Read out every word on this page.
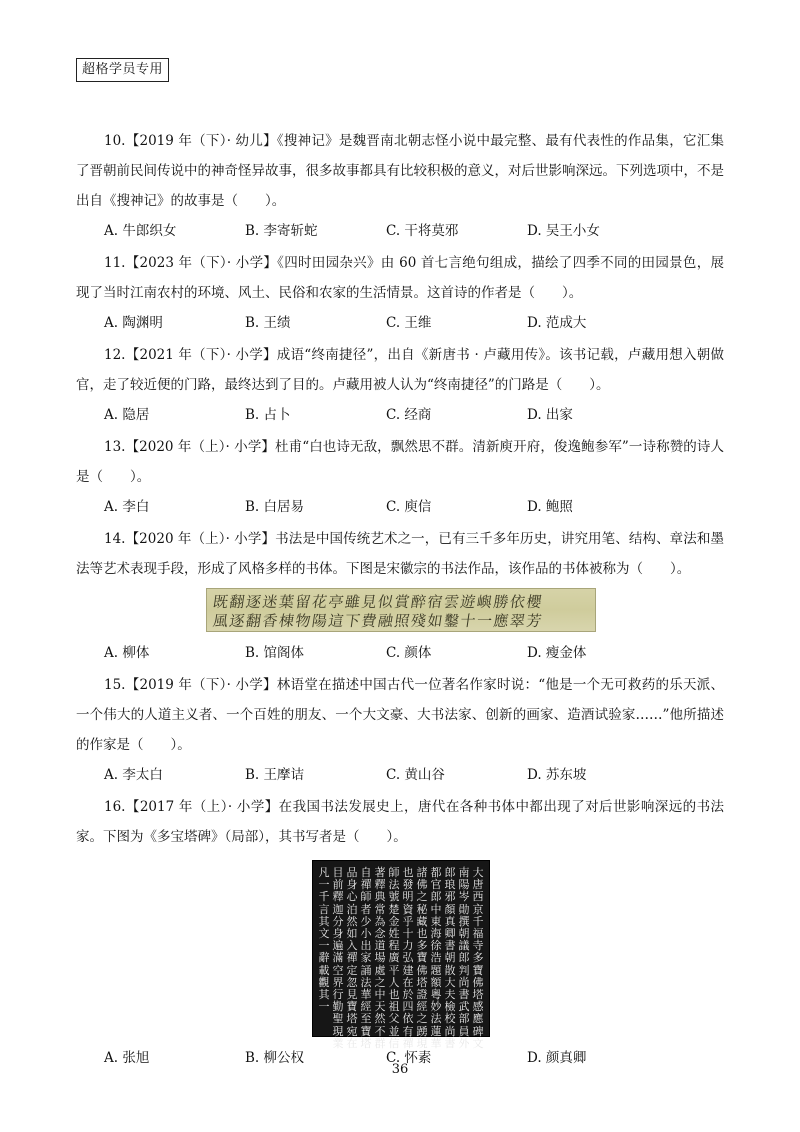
超格学员专用

10.【2019 年（下）· 幼儿】《搜神记》是魏晋南北朝志怪小说中最完整、最有代表性的作品集，它汇集了晋朝前民间传说中的神奇怪异故事，很多故事都具有比较积极的意义，对后世影响深远。下列选项中，不是出自《搜神记》的故事是（　　）。

A. 牛郎织女	B. 李寄斩蛇	C. 干将莫邪	D. 吴王小女

11.【2023 年（下）· 小学】《四时田园杂兴》由 60 首七言绝句组成，描绘了四季不同的田园景色，展现了当时江南农村的环境、风土、民俗和农家的生活情景。这首诗的作者是（　　）。

A. 陶渊明	B. 王绩	C. 王维	D. 范成大

12.【2021 年（下）· 小学】成语“终南捷径”，出自《新唐书 · 卢藏用传》。该书记载，卢藏用想入朝做官，走了较近便的门路，最终达到了目的。卢藏用被人认为“终南捷径”的门路是（　　）。

A. 隐居	B. 占卜	C. 经商	D. 出家

13.【2020 年（上）· 小学】杜甫“白也诗无敌，飘然思不群。清新庾开府，俊逸鲍参军”一诗称赞的诗人是（　　）。

A. 李白	B. 白居易	C. 庾信	D. 鲍照

14.【2020 年（上）· 小学】书法是中国传统艺术之一，已有三千多年历史，讲究用笔、结构、章法和墨法等艺术表现手段，形成了风格多样的书体。下图是宋徽宗的书法作品，该作品的书体被称为（　　）。

既翻逐迷葉留花亭雖見似賞醉宿雲遊嶼勝依櫻
風逐翻香棟物陽這下費融照殘如鑿十一應翠芳
A. 柳体	B. 馆阁体	C. 颜体	D. 瘦金体

15.【2019 年（下）· 小学】林语堂在描述中国古代一位著名作家时说：“他是一个无可救药的乐天派、一个伟大的人道主义者、一个百姓的朋友、一个大文豪、大书法家、创新的画家、造酒试验家……”他所描述的作家是（　　）。

A. 李太白	B. 王摩诘	C. 黄山谷	D. 苏东坡

16.【2017 年（上）· 小学】在我国书法发展史上，唐代在各种书体中都出现了对后世影响深远的书法家。下图为《多宝塔碑》（局部），其书写者是（　　）。

大唐西京千福寺多寶佛塔感應碑文
南陽岑勛撰朝議郎判尚書武部員外
郎琅邪顏真卿書朝散大夫檢校尚書
都官郎中東海徐浩題額粵妙法蓮華
諸佛之秘藏也多寶佛塔證經之踴現
也發明資乎十力弘建在於四依有禪
師法號楚金姓程廣平人也祖父並信
著釋典常為念道場處之中天然不群
自禪師者少小出家誦法華經至寶塔
品身心泊然如入禪定忽見寶塔宛在
目前釋迦分身遍滿空界行勤聖現業
凡一千言其文一辭載觀其一
A. 张旭	B. 柳公权	C. 怀素	D. 颜真卿
36
